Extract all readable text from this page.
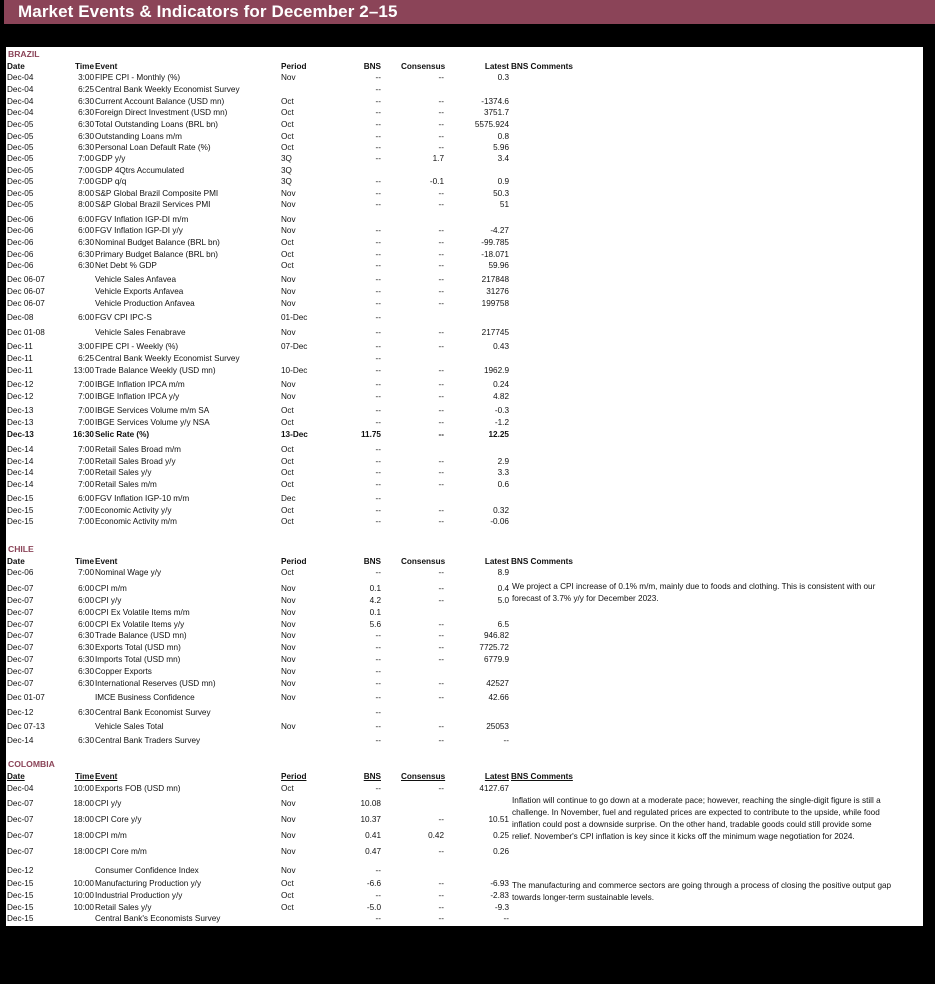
Market Events & Indicators for December 2–15
BRAZIL
Date	Time Event	Period	BNS Consensus	Latest BNS Comments
Dec-04	3:00 FIPE CPI - Monthly (%)	Nov	--	--	0.3
Dec-04	6:25 Central Bank Weekly Economist Survey	--
Dec-04	6:30 Current Account Balance (USD mn)	Oct	--	--	-1374.6
Dec-04	6:30 Foreign Direct Investment (USD mn)	Oct	--	--	3751.7
Dec-05	6:30 Total Outstanding Loans (BRL bn)	Oct	--	--	5575.924
Dec-05	6:30 Outstanding Loans m/m	Oct	--	--	0.8
Dec-05	6:30 Personal Loan Default Rate (%)	Oct	--	--	5.96
Dec-05	7:00 GDP y/y	3Q	--	1.7	3.4
Dec-05	7:00 GDP 4Qtrs Accumulated	3Q
Dec-05	7:00 GDP q/q	3Q	--	-0.1	0.9
Dec-05	8:00 S&P Global Brazil Composite PMI	Nov	--	--	50.3
Dec-05	8:00 S&P Global Brazil Services PMI	Nov	--	--	51
Dec-06	6:00 FGV Inflation IGP-DI m/m	Nov
Dec-06	6:00 FGV Inflation IGP-DI y/y	Nov	--	--	-4.27
Dec-06	6:30 Nominal Budget Balance (BRL bn)	Oct	--	--	-99.785
Dec-06	6:30 Primary Budget Balance (BRL bn)	Oct	--	--	-18.071
Dec-06	6:30 Net Debt % GDP	Oct	--	--	59.96
Dec 06-07	Vehicle Sales Anfavea	Nov	--	--	217848
Dec 06-07	Vehicle Exports Anfavea	Nov	--	--	31276
Dec 06-07	Vehicle Production Anfavea	Nov	--	--	199758
Dec-08	6:00 FGV CPI IPC-S	01-Dec	--
Dec 01-08	Vehicle Sales Fenabrave	Nov	--	--	217745
Dec-11	3:00 FIPE CPI - Weekly (%)	07-Dec	--	--	0.43
Dec-11	6:25 Central Bank Weekly Economist Survey	--
Dec-11	13:00 Trade Balance Weekly (USD mn)	10-Dec	--	--	1962.9
Dec-12	7:00 IBGE Inflation IPCA m/m	Nov	--	--	0.24
Dec-12	7:00 IBGE Inflation IPCA y/y	Nov	--	--	4.82
Dec-13	7:00 IBGE Services Volume m/m SA	Oct	--	--	-0.3
Dec-13	7:00 IBGE Services Volume y/y NSA	Oct	--	--	-1.2
Dec-13	16:30 Selic Rate (%)	13-Dec	11.75	--	12.25
Dec-14	7:00 Retail Sales Broad m/m	Oct	--
Dec-14	7:00 Retail Sales Broad y/y	Oct	--	--	2.9
Dec-14	7:00 Retail Sales y/y	Oct	--	--	3.3
Dec-14	7:00 Retail Sales m/m	Oct	--	--	0.6
Dec-15	6:00 FGV Inflation IGP-10 m/m	Dec	--
Dec-15	7:00 Economic Activity y/y	Oct	--	--	0.32
Dec-15	7:00 Economic Activity m/m	Oct	--	--	-0.06
CHILE
Date	Time Event	Period	BNS Consensus	Latest BNS Comments
Dec-06	7:00 Nominal Wage y/y	Oct	--	--	8.9
Dec-07	6:00 CPI m/m	Nov	0.1	--	0.4
Dec-07	6:00 CPI y/y	Nov	4.2	--	5.0
Dec-07	6:00 CPI Ex Volatile Items m/m	Nov	0.1
Dec-07	6:00 CPI Ex Volatile Items y/y	Nov	5.6	--	6.5
Dec-07	6:30 Trade Balance (USD mn)	Nov	--	--	946.82
Dec-07	6:30 Exports Total (USD mn)	Nov	--	--	7725.72
Dec-07	6:30 Imports Total (USD mn)	Nov	--	--	6779.9
Dec-07	6:30 Copper Exports	Nov	--
Dec-07	6:30 International Reserves (USD mn)	Nov	--	--	42527
Dec 01-07	IMCE Business Confidence	Nov	--	--	42.66
Dec-12	6:30 Central Bank Economist Survey	--
Dec 07-13	Vehicle Sales Total	Nov	--	--	25053
Dec-14	6:30 Central Bank Traders Survey	--	--	--
We project a CPI increase of 0.1% m/m, mainly due to foods and clothing. This is consistent with our
forecast of 3.7% y/y for December 2023.
COLOMBIA
Date	Time Event	Period	BNS Consensus	Latest BNS Comments
Dec-04	10:00 Exports FOB (USD mn)	Oct	--	--	4127.67
Dec-07	18:00 CPI y/y	Nov	10.08
Dec-07	18:00 CPI Core y/y	Nov	10.37	--	10.51
Dec-07	18:00 CPI m/m	Nov	0.41	0.42	0.25
Dec-07	18:00 CPI Core m/m	Nov	0.47	--	0.26
Dec-12	Consumer Confidence Index	Nov	--
Dec-15	10:00 Manufacturing Production y/y	Oct	-6.6	--	-6.93
Dec-15	10:00 Industrial Production y/y	Oct	--	--	-2.83
Dec-15	10:00 Retail Sales y/y	Oct	-5.0	--	-9.3
Dec-15	Central Bank's Economists Survey	--	--	--
Inflation will continue to go down at a moderate pace; however, reaching the single-digit figure is still a
challenge. In November, fuel and regulated prices are expected to contribute to the upside, while food
inflation could post a downside surprise. On the other hand, tradable goods could still provide some
relief. November's CPI inflation is key since it kicks off the minimum wage negotiation for 2024.
The manufacturing and commerce sectors are going through a process of closing the positive output gap
towards longer-term sustainable levels.
